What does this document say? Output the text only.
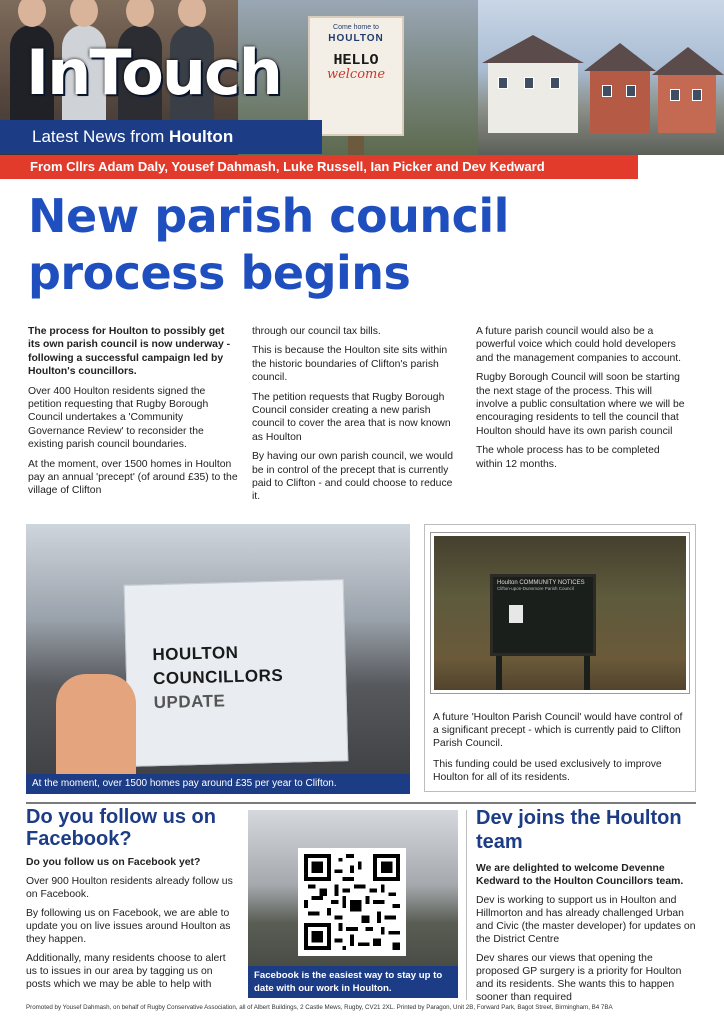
Come home to
HOULTON
HELLO
welcome
InTouch
Latest News from Houlton
From Cllrs Adam Daly, Yousef Dahmash, Luke Russell, Ian Picker and Dev Kedward
New parish council
process begins

The process for Houlton to possibly get its own parish council is now underway - following a successful campaign led by Houlton's councillors.

Over 400 Houlton residents signed the petition requesting that Rugby Borough Council undertakes a 'Community Governance Review' to reconsider the existing parish council boundaries.

At the moment, over 1500 homes in Houlton pay an annual 'precept' (of around £35) to the village of Clifton

through our council tax bills.

This is because the Houlton site sits within the historic boundaries of Clifton's parish council.

The petition requests that Rugby Borough Council consider creating a new parish council to cover the area that is now known as Houlton

By having our own parish council, we would be in control of the precept that is currently paid to Clifton - and could choose to reduce it.

A future parish council would also be a powerful voice which could hold developers and the management companies to account.

Rugby Borough Council will soon be starting the next stage of the process. This will involve a public consultation where we will be encouraging residents to tell the council that Houlton should have its own parish council

The whole process has to be completed within 12 months.

HOULTON
COUNCILLORS
UPDATE
At the moment, over 1500 homes pay around £35 per year to Clifton.
Houlton COMMUNITY NOTICES
Clifton-upon-Dunsmore Parish Council

A future 'Houlton Parish Council' would have control of a significant precept - which is currently paid to Clifton Parish Council.

This funding could be used exclusively to improve Houlton for all of its residents.

Do you follow us on Facebook?

Do you follow us on Facebook yet?

Over 900 Houlton residents already follow us on Facebook.

By following us on Facebook, we are able to update you on live issues around Houlton as they happen.

Additionally, many residents choose to alert us to issues in our area by tagging us on posts which we may be able to help with

Facebook is the easiest way to stay up to date with our work in Houlton.
Dev joins the Houlton team

We are delighted to welcome Devenne Kedward to the Houlton Councillors team.

Dev is working to support us in Houlton and Hillmorton and has already challenged Urban and Civic (the master developer) for updates on the District Centre

Dev shares our views that opening the proposed GP surgery is a priority for Houlton and its residents. She wants this to happen sooner than required

Promoted by Yousef Dahmash, on behalf of Rugby Conservative Association, all of Albert Buildings, 2 Castle Mews, Rugby, CV21 2XL. Printed by Paragon, Unit 2B, Forward Park, Bagot Street, Birmingham, B4 7BA
